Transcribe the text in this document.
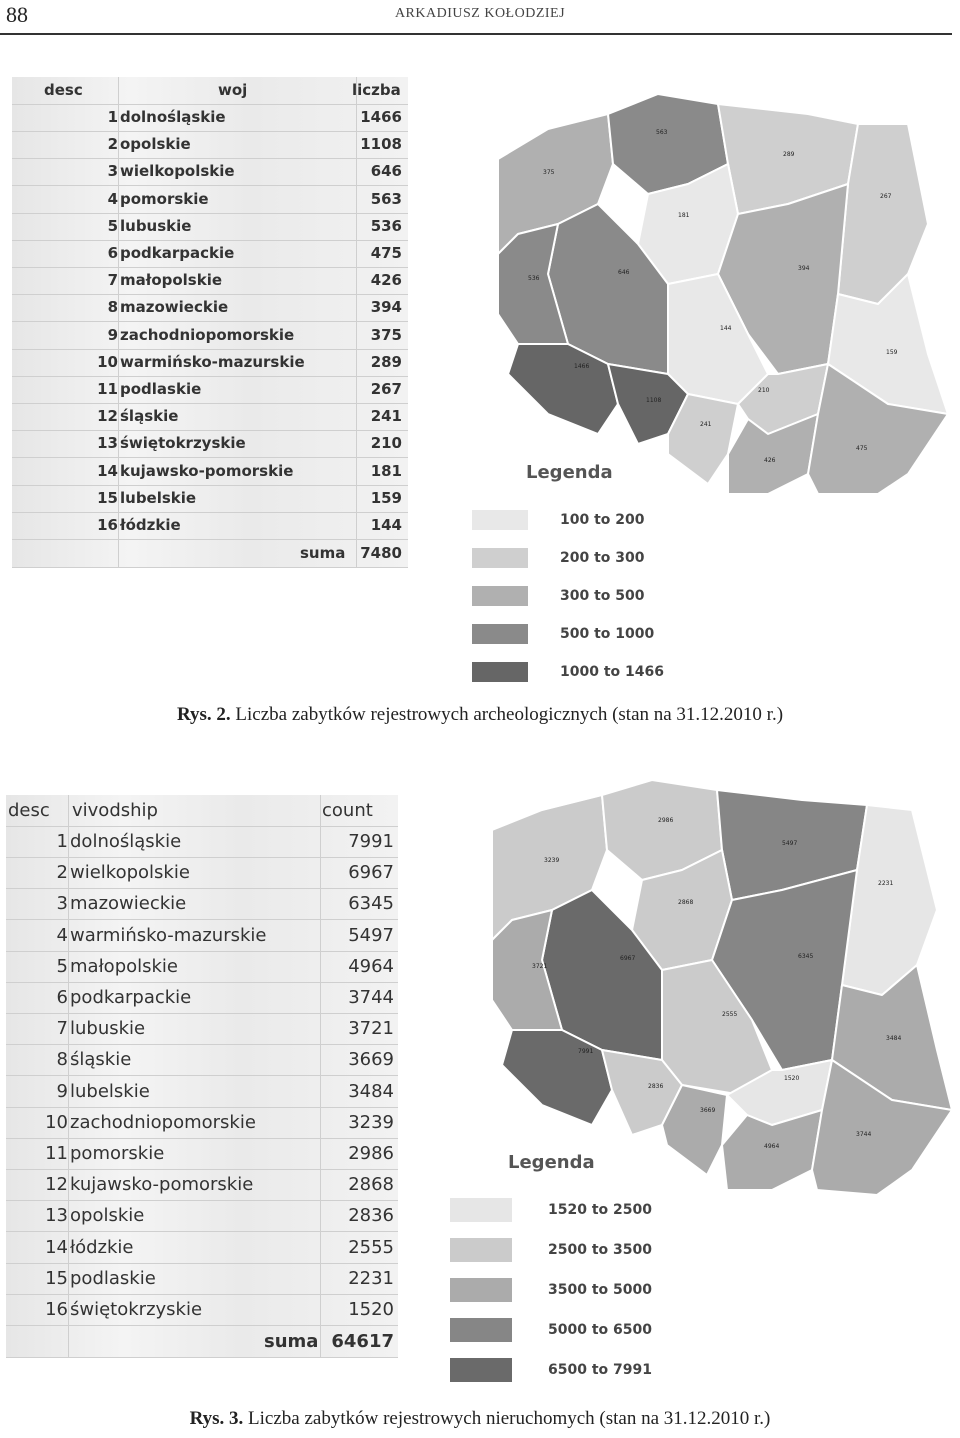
88	ARKADIUSZ KOŁODZIEJ
desc	woj	liczba
1 dolnośląskie	1466
2 opolskie	1108
3 wielkopolskie	646
4 pomorskie	563
5 lubuskie	536
6 podkarpackie	475
7 małopolskie	426
8 mazowieckie	394
9 zachodniopomorskie	375
10 warmińsko-mazurskie	289
11 podlaskie	267
12 śląskie	241
13 świętokrzyskie	210
14 kujawsko-pomorskie	181
15 lubelskie	159
16 łódzkie	144
suma 7480
375
563
289
267
181
646
394
536
1466
144
159
1108
210
241
426
475
Legenda
100 to 200
200 to 300
300 to 500
500 to 1000
1000 to 1466
Rys. 2. Liczba zabytków rejestrowych archeologicznych (stan na 31.12.2010 r.)
desc vivodship	count
1 dolnośląskie	7991
2 wielkopolskie	6967
3 mazowieckie	6345
4 warmińsko-mazurskie	5497
5 małopolskie	4964
6 podkarpackie	3744
7 lubuskie	3721
8 śląskie	3669
9 lubelskie	3484
10 zachodniopomorskie	3239
11 pomorskie	2986
12 kujawsko-pomorskie	2868
13 opolskie	2836
14 łódzkie	2555
15 podlaskie	2231
16 świętokrzyskie	1520
suma 64617
3239
2986
5497
2231
2868
6967	6345
3721
7991
2555
3484
2836
1520
3669
4964
3744
Legenda
1520 to 2500
2500 to 3500
3500 to 5000
5000 to 6500
6500 to 7991
Rys. 3. Liczba zabytków rejestrowych nieruchomych (stan na 31.12.2010 r.)
